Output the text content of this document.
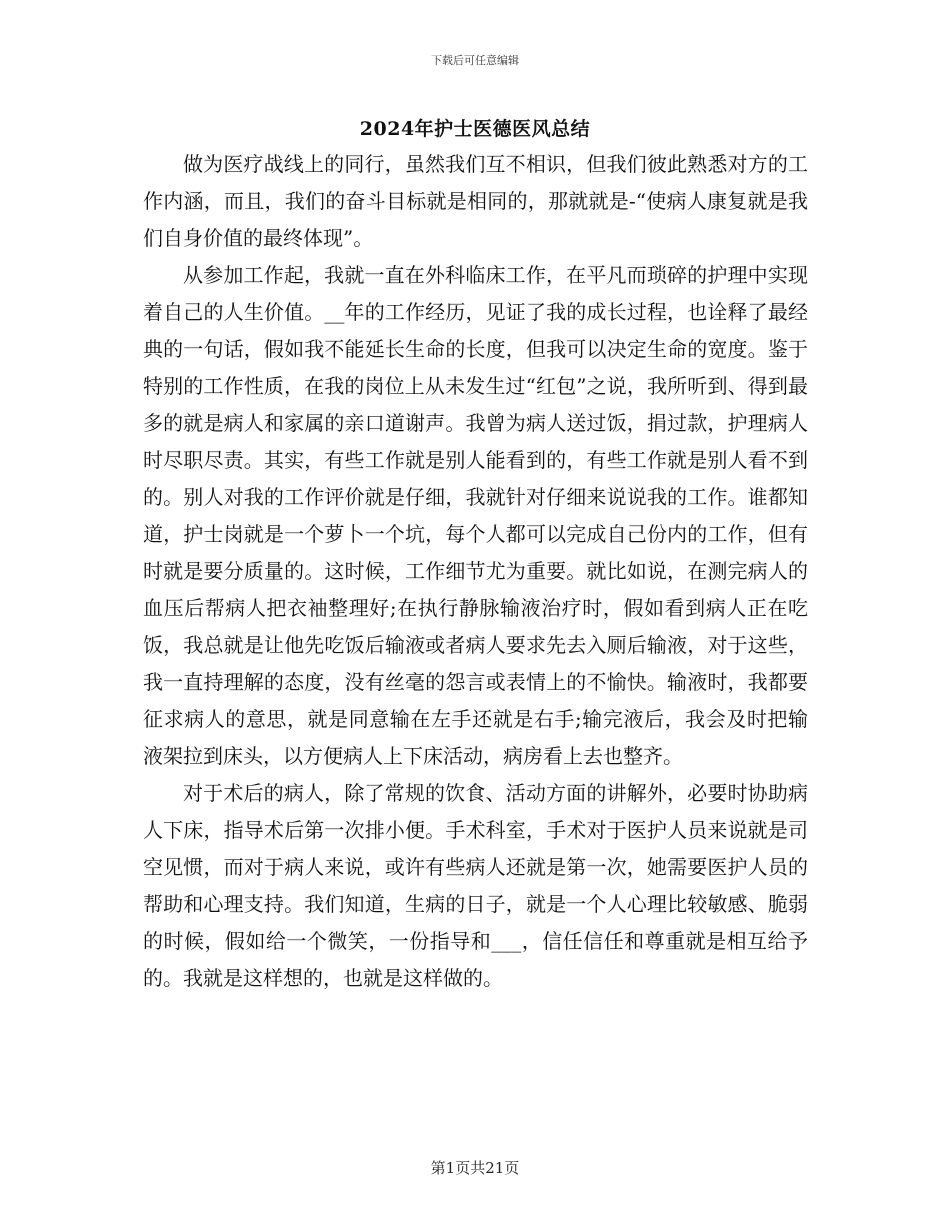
下载后可任意编辑
2024年护士医德医风总结

做为医疗战线上的同行，虽然我们互不相识，但我们彼此熟悉对方的工作内涵，而且，我们的奋斗目标就是相同的，那就就是-“使病人康复就是我们自身价值的最终体现”。

从参加工作起，我就一直在外科临床工作，在平凡而琐碎的护理中实现着自己的人生价值。__年的工作经历，见证了我的成长过程，也诠释了最经典的一句话，假如我不能延长生命的长度，但我可以决定生命的宽度。鉴于特别的工作性质，在我的岗位上从未发生过“红包”之说，我所听到、得到最多的就是病人和家属的亲口道谢声。我曾为病人送过饭，捐过款，护理病人时尽职尽责。其实，有些工作就是别人能看到的，有些工作就是别人看不到的。别人对我的工作评价就是仔细，我就针对仔细来说说我的工作。谁都知道，护士岗就是一个萝卜一个坑，每个人都可以完成自己份内的工作，但有时就是要分质量的。这时候，工作细节尤为重要。就比如说，在测完病人的血压后帮病人把衣袖整理好;在执行静脉输液治疗时，假如看到病人正在吃饭，我总就是让他先吃饭后输液或者病人要求先去入厕后输液，对于这些，我一直持理解的态度，没有丝毫的怨言或表情上的不愉快。输液时，我都要征求病人的意思，就是同意输在左手还就是右手;输完液后，我会及时把输液架拉到床头，以方便病人上下床活动，病房看上去也整齐。

对于术后的病人，除了常规的饮食、活动方面的讲解外，必要时协助病人下床，指导术后第一次排小便。手术科室，手术对于医护人员来说就是司空见惯，而对于病人来说，或许有些病人还就是第一次，她需要医护人员的帮助和心理支持。我们知道，生病的日子，就是一个人心理比较敏感、脆弱的时候，假如给一个微笑，一份指导和___，信任信任和尊重就是相互给予的。我就是这样想的，也就是这样做的。

第1页共21页
